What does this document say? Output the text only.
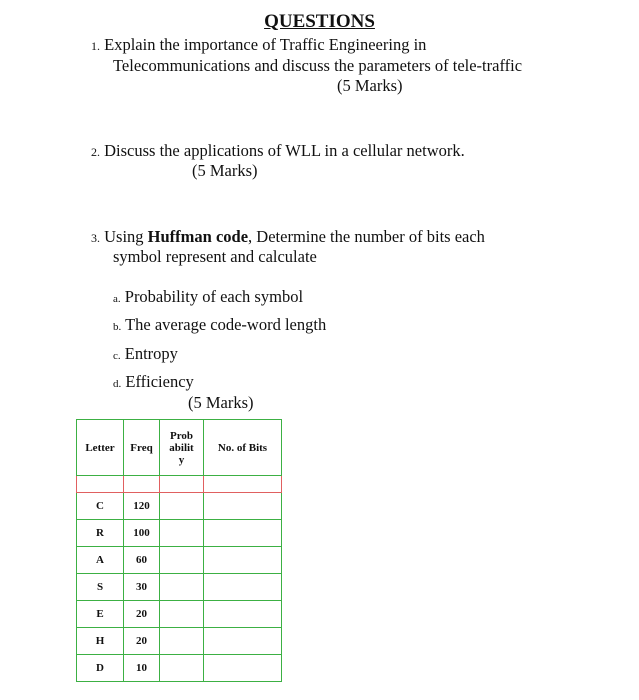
QUESTIONS
1. Explain the importance of Traffic Engineering in
Telecommunications and discuss the parameters of tele-traffic
(5 Marks)
2. Discuss the applications of WLL in a cellular network.
(5 Marks)
3. Using Huffman code, Determine the number of bits each
symbol represent and calculate
a. Probability of each symbol
b. The average code-word length
c. Entropy
d. Efficiency
(5 Marks)
Letter	Freq	Prob
abilit
y	No. of Bits

C	120		
R	100		
A	60		
S	30		
E	20		
H	20		
D	10		
